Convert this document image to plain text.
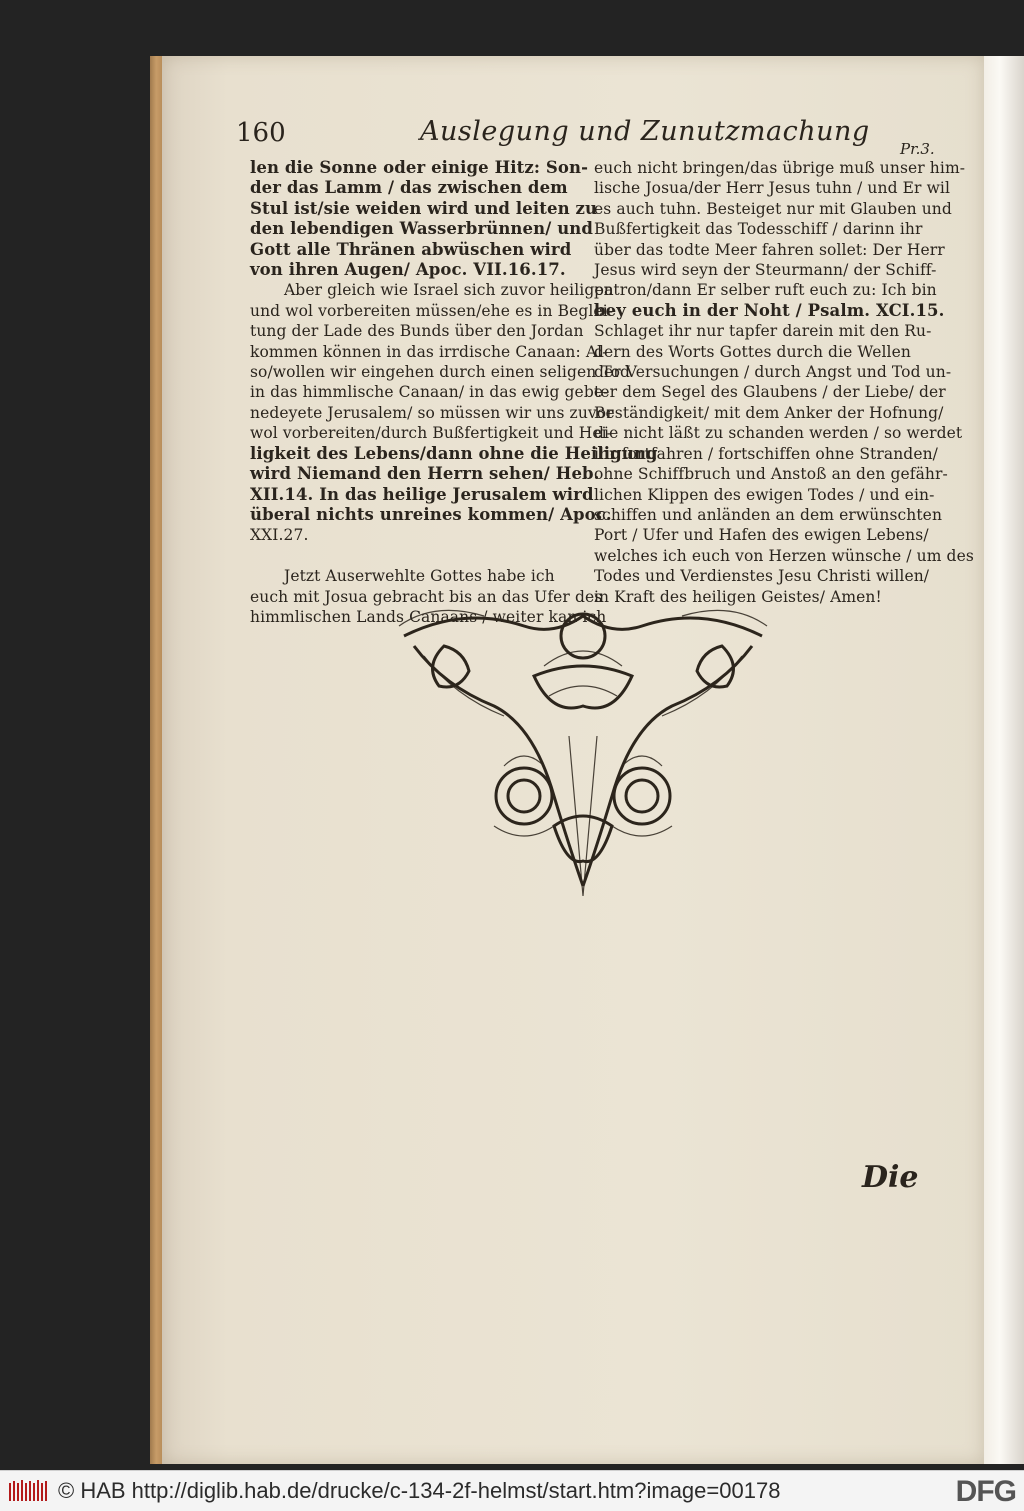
160	Auslegung und Zunutzmachung
Pr.3.
len die Sonne oder einige Hitz: Son-
der das Lamm / das zwischen dem
Stul ist/sie weiden wird und leiten zu
den lebendigen Wasserbrünnen/ und
Gott alle Thränen abwüschen wird
von ihren Augen/ Apoc. VII.16.17.
Aber gleich wie Israel sich zuvor heiligen
und wol vorbereiten müssen/ehe es in Beglei-
tung der Lade des Bunds über den Jordan
kommen können in das irrdische Canaan: Al-
so/wollen wir eingehen durch einen seligen Tod
in das himmlische Canaan/ in das ewig gebe-
nedeyete Jerusalem/ so müssen wir uns zuvor
wol vorbereiten/durch Bußfertigkeit und Hei-
ligkeit des Lebens/dann ohne die Heiligung
wird Niemand den Herrn sehen/ Heb.
XII.14. In das heilige Jerusalem wird
überal nichts unreines kommen/ Apoc.
XXI.27.

Jetzt Auserwehlte Gottes habe ich
euch mit Josua gebracht bis an das Ufer des
himmlischen Lands Canaans / weiter kan ich
euch nicht bringen/das übrige muß unser him-
lische Josua/der Herr Jesus tuhn / und Er wil
es auch tuhn. Besteiget nur mit Glauben und
Bußfertigkeit das Todesschiff / darinn ihr
über das todte Meer fahren sollet: Der Herr
Jesus wird seyn der Steurmann/ der Schiff-
patron/dann Er selber ruft euch zu: Ich bin
bey euch in der Noht / Psalm. XCI.15.
Schlaget ihr nur tapfer darein mit den Ru-
dern des Worts Gottes durch die Wellen
der Versuchungen / durch Angst und Tod un-
ter dem Segel des Glaubens / der Liebe/ der
Beständigkeit/ mit dem Anker der Hofnung/
die nicht läßt zu schanden werden / so werdet
ihr fortfahren / fortschiffen ohne Stranden/
ohne Schiffbruch und Anstoß an den gefähr-
lichen Klippen des ewigen Todes / und ein-
schiffen und anländen an dem erwünschten
Port / Ufer und Hafen des ewigen Lebens/
welches ich euch von Herzen wünsche / um des
Todes und Verdienstes Jesu Christi willen/
in Kraft des heiligen Geistes/ Amen!
Die
© HAB http://diglib.hab.de/drucke/c-134-2f-helmst/start.htm?image=00178	DFG
